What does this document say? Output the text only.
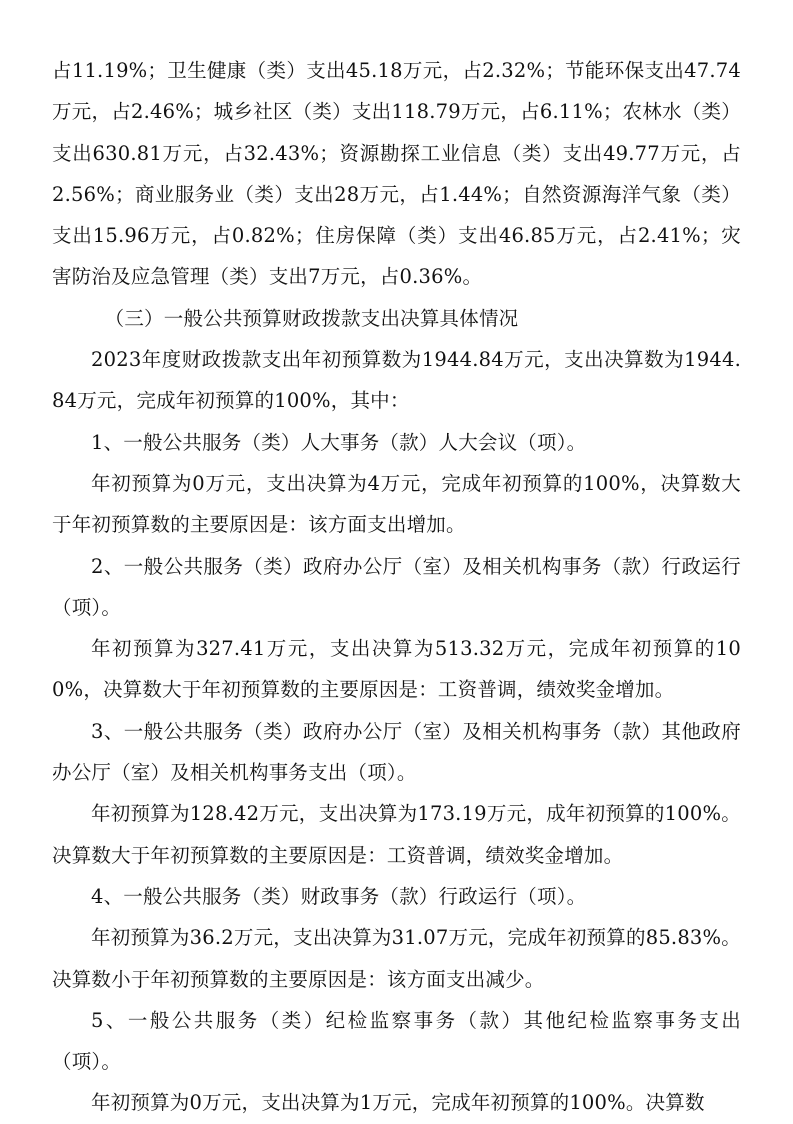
占11.19%；卫生健康（类）支出45.18万元，占2.32%；节能环保支出47.74万元，占2.46%；城乡社区（类）支出118.79万元，占6.11%；农林水（类）支出630.81万元，占32.43%；资源勘探工业信息（类）支出49.77万元，占2.56%；商业服务业（类）支出28万元，占1.44%；自然资源海洋气象（类）支出15.96万元，占0.82%；住房保障（类）支出46.85万元，占2.41%；灾害防治及应急管理（类）支出7万元，占0.36%。

（三）一般公共预算财政拨款支出决算具体情况

2023年度财政拨款支出年初预算数为1944.84万元，支出决算数为1944.84万元，完成年初预算的100%，其中：

1、一般公共服务（类）人大事务（款）人大会议（项）。

年初预算为0万元，支出决算为4万元，完成年初预算的100%，决算数大于年初预算数的主要原因是：该方面支出增加。

2、一般公共服务（类）政府办公厅（室）及相关机构事务（款）行政运行（项）。

年初预算为327.41万元，支出决算为513.32万元，完成年初预算的100%，决算数大于年初预算数的主要原因是：工资普调，绩效奖金增加。

3、一般公共服务（类）政府办公厅（室）及相关机构事务（款）其他政府办公厅（室）及相关机构事务支出（项）。

年初预算为128.42万元，支出决算为173.19万元，成年初预算的100%。决算数大于年初预算数的主要原因是：工资普调，绩效奖金增加。

4、一般公共服务（类）财政事务（款）行政运行（项）。

年初预算为36.2万元，支出决算为31.07万元，完成年初预算的85.83%。决算数小于年初预算数的主要原因是：该方面支出减少。

5、一般公共服务（类）纪检监察事务（款）其他纪检监察事务支出（项）。

年初预算为0万元，支出决算为1万元，完成年初预算的100%。决算数
